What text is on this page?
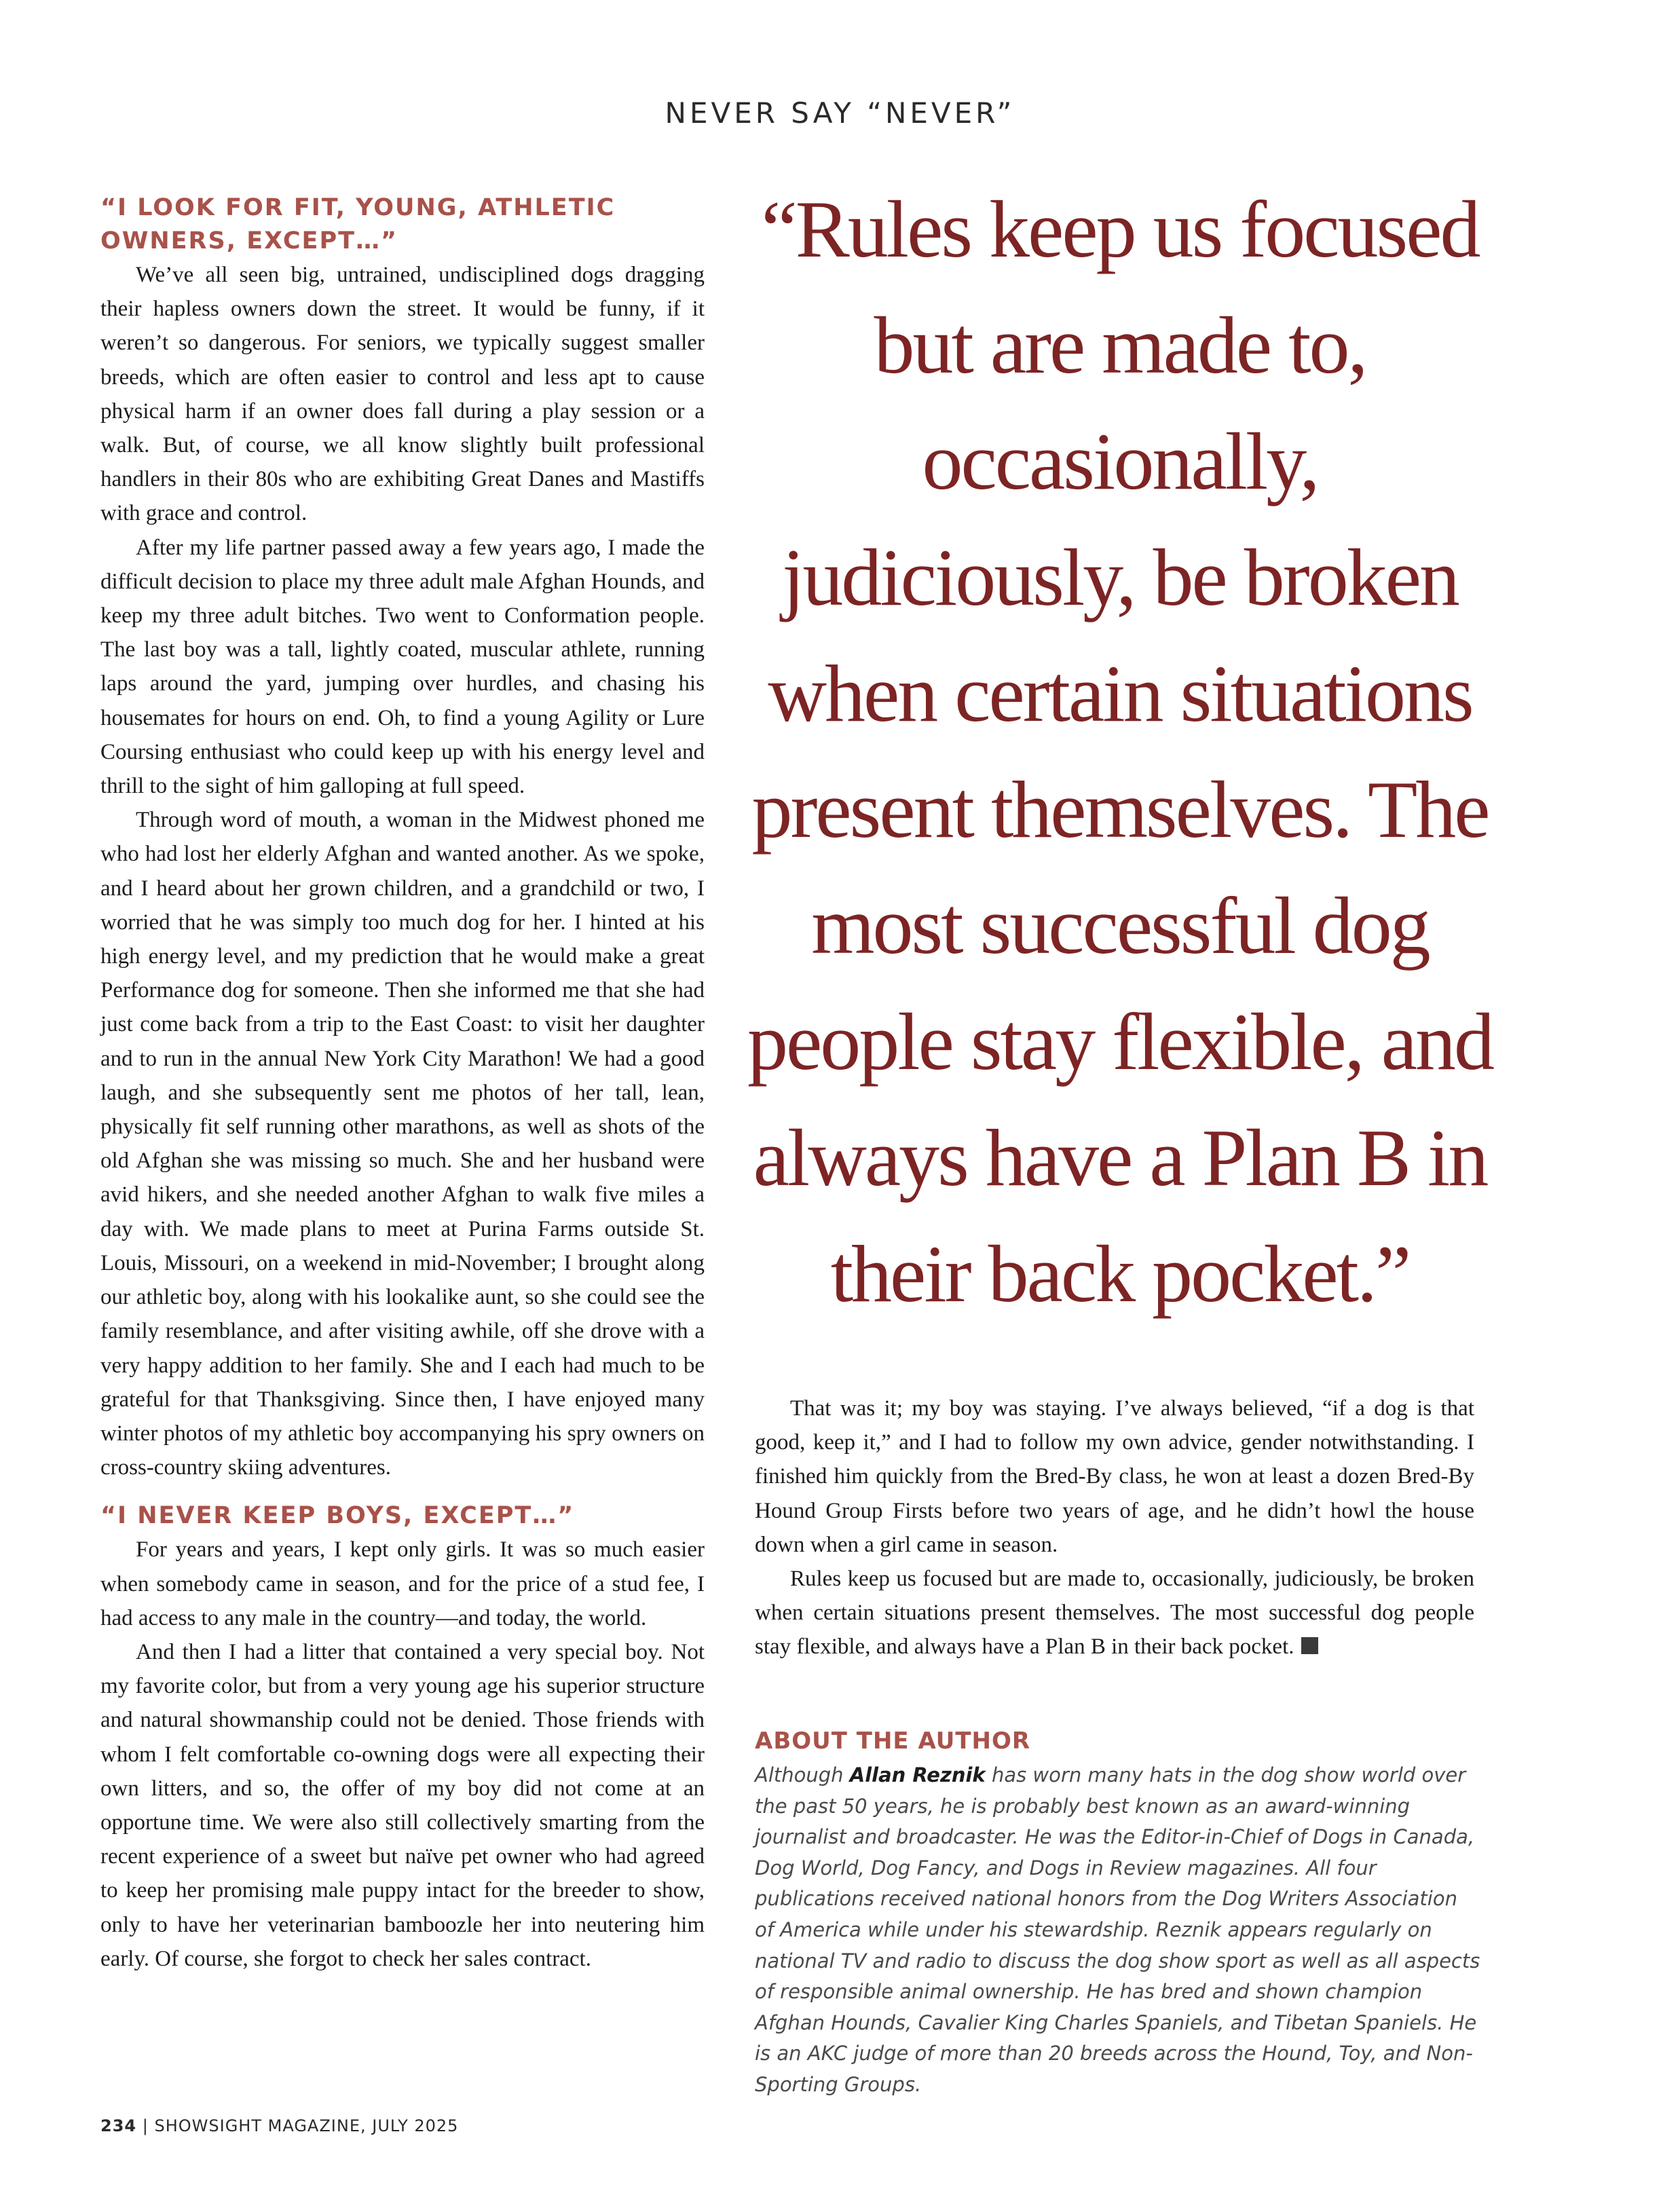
NEVER SAY “NEVER”
“I LOOK FOR FIT, YOUNG, ATHLETIC OWNERS, EXCEPT…”

We’ve all seen big, untrained, undisciplined dogs dragging their hapless owners down the street. It would be funny, if it weren’t so dangerous. For seniors, we typically suggest smaller breeds, which are often easier to control and less apt to cause physical harm if an owner does fall during a play session or a walk. But, of course, we all know slightly built professional handlers in their 80s who are exhibiting Great Danes and Mastiffs with grace and control.

After my life partner passed away a few years ago, I made the difficult decision to place my three adult male Afghan Hounds, and keep my three adult bitches. Two went to Conformation people. The last boy was a tall, lightly coated, muscular athlete, running laps around the yard, jumping over hurdles, and chasing his housemates for hours on end. Oh, to find a young Agility or Lure Coursing enthusiast who could keep up with his energy level and thrill to the sight of him galloping at full speed.

Through word of mouth, a woman in the Midwest phoned me who had lost her elderly Afghan and wanted another. As we spoke, and I heard about her grown children, and a grandchild or two, I worried that he was simply too much dog for her. I hinted at his high energy level, and my prediction that he would make a great Performance dog for someone. Then she informed me that she had just come back from a trip to the East Coast: to visit her daughter and to run in the annual New York City Marathon! We had a good laugh, and she subsequently sent me photos of her tall, lean, physically fit self running other marathons, as well as shots of the old Afghan she was missing so much. She and her husband were avid hikers, and she needed another Afghan to walk five miles a day with. We made plans to meet at Purina Farms outside St. Louis, Missouri, on a weekend in mid-November; I brought along our athletic boy, along with his lookalike aunt, so she could see the family resemblance, and after visiting awhile, off she drove with a very happy addition to her family. She and I each had much to be grateful for that Thanksgiving. Since then, I have enjoyed many winter photos of my athletic boy accompanying his spry owners on cross-country skiing adventures.

“I NEVER KEEP BOYS, EXCEPT…”

For years and years, I kept only girls. It was so much easier when somebody came in season, and for the price of a stud fee, I had access to any male in the country—and today, the world.

And then I had a litter that contained a very special boy. Not my favorite color, but from a very young age his superior structure and natural showmanship could not be denied. Those friends with whom I felt comfortable co-owning dogs were all expecting their own litters, and so, the offer of my boy did not come at an opportune time. We were also still collectively smarting from the recent experience of a sweet but naïve pet owner who had agreed to keep her promising male puppy intact for the breeder to show, only to have her veterinarian bamboozle her into neutering him early. Of course, she forgot to check her sales contract.

“Rules keep us focused but are made to, occasionally, judiciously, be broken when certain situations present themselves. The most successful dog people stay flexible, and always have a Plan B in their back pocket.”

That was it; my boy was staying. I’ve always believed, “if a dog is that good, keep it,” and I had to follow my own advice, gender notwithstanding. I finished him quickly from the Bred-By class, he won at least a dozen Bred-By Hound Group Firsts before two years of age, and he didn’t howl the house down when a girl came in season.

Rules keep us focused but are made to, occasionally, judiciously, be broken when certain situations present themselves. The most successful dog people stay flexible, and always have a Plan B in their back pocket.

ABOUT THE AUTHOR

Although Allan Reznik has worn many hats in the dog show world over the past 50 years, he is probably best known as an award-winning journalist and broadcaster. He was the Editor-in-Chief of Dogs in Canada, Dog World, Dog Fancy, and Dogs in Review magazines. All four publications received national honors from the Dog Writers Association of America while under his stewardship. Reznik appears regularly on national TV and radio to discuss the dog show sport as well as all aspects of responsible animal ownership. He has bred and shown champion Afghan Hounds, Cavalier King Charles Spaniels, and Tibetan Spaniels. He is an AKC judge of more than 20 breeds across the Hound, Toy, and Non-Sporting Groups.

234 | SHOWSIGHT MAGAZINE, JULY 2025
